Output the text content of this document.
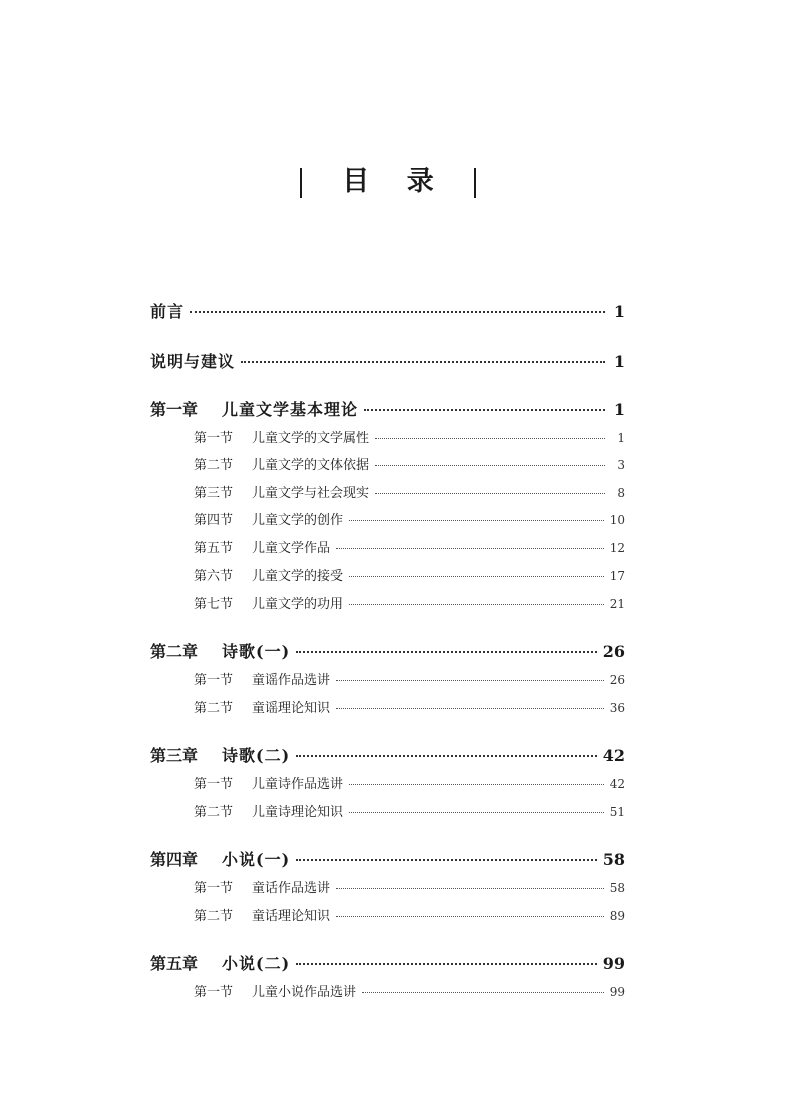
目 录
前言	1
说明与建议	1
第一章	儿童文学基本理论	1
第一节	儿童文学的文学属性	1
第二节	儿童文学的文体依据	3
第三节	儿童文学与社会现实	8
第四节	儿童文学的创作	10
第五节	儿童文学作品	12
第六节	儿童文学的接受	17
第七节	儿童文学的功用	21
第二章	诗歌(一)	26
第一节	童谣作品选讲	26
第二节	童谣理论知识	36
第三章	诗歌(二)	42
第一节	儿童诗作品选讲	42
第二节	儿童诗理论知识	51
第四章	小说(一)	58
第一节	童话作品选讲	58
第二节	童话理论知识	89
第五章	小说(二)	99
第一节	儿童小说作品选讲	99
